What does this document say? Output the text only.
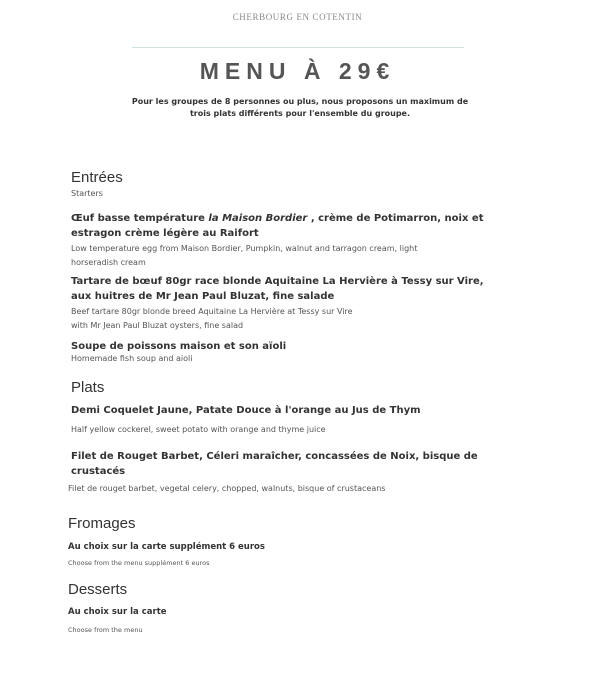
CHERBOURG EN COTENTIN
MENU À 29€
Pour les groupes de 8 personnes ou plus, nous proposons un maximum de
trois plats différents pour l'ensemble du groupe.
Entrées
Starters
Œuf basse température la Maison Bordier , crème de Potimarron, noix et
estragon crème légère au Raifort
Low temperature egg from Maison Bordier, Pumpkin, walnut and tarragon cream, light
horseradish cream
Tartare de bœuf 80gr race blonde Aquitaine La Hervière à Tessy sur Vire,
aux huitres de Mr Jean Paul Bluzat, fine salade
Beef tartare 80gr blonde breed Aquitaine La Hervière at Tessy sur Vire
with Mr Jean Paul Bluzat oysters, fine salad
Soupe de poissons maison et son aïoli
Homemade fish soup and aioli
Plats
Demi Coquelet Jaune, Patate Douce à l'orange au Jus de Thym
Half yellow cockerel, sweet potato with orange and thyme juice
Filet de Rouget Barbet, Céleri maraîcher, concassées de Noix, bisque de
crustacés
Filet de rouget barbet, vegetal celery, chopped, walnuts, bisque of crustaceans
Fromages
Au choix sur la carte supplément 6 euros
Choose from the menu supplément 6 euros
Desserts
Au choix sur la carte
Choose from the menu
